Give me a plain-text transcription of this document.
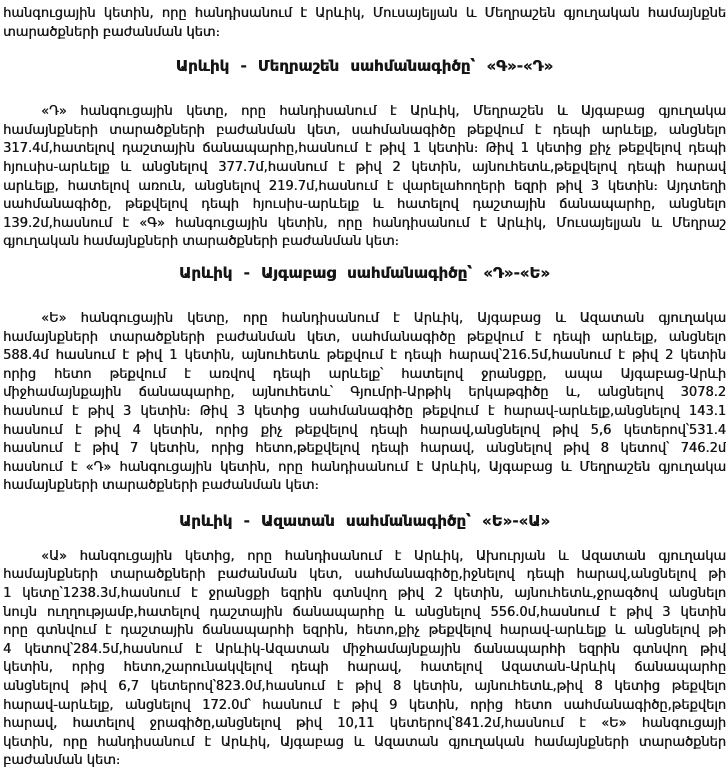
հանգուցային կետին, որը հանդիսանում է Արևիկ, Մուսայելյան և Մեղրաշեն գյուղական համայնքնե
տարածքների բաժանման կետ։
Արևիկ - Մեղրաշեն սահմանագիծը՝ «Գ»-«Դ»
«Դ» հանգուցային կետը, որը հանդիսանում է Արևիկ, Մեղրաշեն և Այգաբաց գյուղակա
համայնքների տարածքների բաժանման կետ, սահմանագիծը թեքվում է դեպի արևելք, անցնելո
317.4մ,հատելով դաշտային ճանապարհը,հասնում է թիվ 1 կետին։ Թիվ 1 կետից քիչ թեքվելով դեպի
հյուսիս-արևելք և անցնելով 377.7մ,հասնում է թիվ 2 կետին, այնուհետև,թեքվելով դեպի հարավ
արևելք, հատելով առուն, անցնելով 219.7մ,հասնում է վարելահողերի եզրի թիվ 3 կետին։ Այդտեղի
սահմանագիծը, թեքվելով դեպի հյուսիս-արևելք և հատելով դաշտային ճանապարհը, անցնելո
139.2մ,հասնում է «Գ» հանգուցային կետին, որը հանդիսանում է Արևիկ, Մուսայելյան և Մեղրաշ
գյուղական համայնքների տարածքների բաժանման կետ։
Արևիկ - Այգաբաց սահմանագիծը՝ «Դ»-«Ե»
«Ե» հանգուցային կետը, որը հանդիսանում է Արևիկ, Այգաբաց և Ազատան գյուղակա
համայնքների տարածքների բաժանման կետ, սահմանագիծը թեքվում է դեպի արևելք, անցնելո
588.4մ հասնում է թիվ 1 կետին, այնուհետև թեքվում է դեպի հարավ՝216.5մ,հասնում է թիվ 2 կետին
որից հետո թեքվում է առվով դեպի արևելք՝ հատելով ջրանցքը, ապա Այգաբաց-Արևի
միջհամայնքային ճանապարհը, այնուհետև՝ Գյումրի-Արթիկ երկաթգիծը և, անցնելով 3078.2
հասնում է թիվ 3 կետին։ Թիվ 3 կետից սահմանագիծը թեքվում է հարավ-արևելք,անցնելով 143.1
հասնում է թիվ 4 կետին, որից քիչ թեքվելով դեպի հարավ,անցնելով թիվ 5,6 կետերով՝531.4
հասնում է թիվ 7 կետին, որից հետո,թեքվելով դեպի հարավ, անցնելով թիվ 8 կետով՝ 746.2մ
հասնում է «Դ» հանգուցային կետին, որը հանդիսանում է Արևիկ, Այգաբաց և Մեղրաշեն գյուղակա
համայնքների տարածքների բաժանման կետ։
Արևիկ - Ազատան սահմանագիծը՝ «Ե»-«Ա»
«Ա» հանգուցային կետից, որը հանդիսանում է Արևիկ, Ախուրյան և Ազատան գյուղակա
համայնքների տարածքների բաժանման կետ, սահմանագիծը,իջնելով դեպի հարավ,անցնելով թի
1 կետը՝1238.3մ,հասնում է ջրանցքի եզրին գտնվող թիվ 2 կետին, այնուհետև,ջրագծով անցնելո
նույն ուղղությամբ,հատելով դաշտային ճանապարհը և անցնելով 556.0մ,հասնում է թիվ 3 կետին
որը գտնվում է դաշտային ճանապարհի եզրին, հետո,քիչ թեքվելով հարավ-արևելք և անցնելով թի
4 կետով՝284.5մ,հասնում է Արևիկ-Ազատան միջհամայնքային ճանապարհի եզրին գտնվող թիվ
կետին, որից հետո,շարունակվելով դեպի հարավ, հատելով Ազատան-Արևիկ ճանապարհը
անցնելով թիվ 6,7 կետերով՝823.0մ,հասնում է թիվ 8 կետին, այնուհետև,թիվ 8 կետից թեքվելո
հարավ-արևելք, անցնելով 172.0մ՝ հասնում է թիվ 9 կետին, որից հետո սահմանագիծը,թեքվելո
հարավ, հատելով ջրագիծը,անցնելով թիվ 10,11 կետերով՝841.2մ,հասնում է «Ե» հանգուցայի
կետին, որը հանդիսանում է Արևիկ, Այգաբաց և Ազատան գյուղական համայնքների տարածքներ
բաժանման կետ։
